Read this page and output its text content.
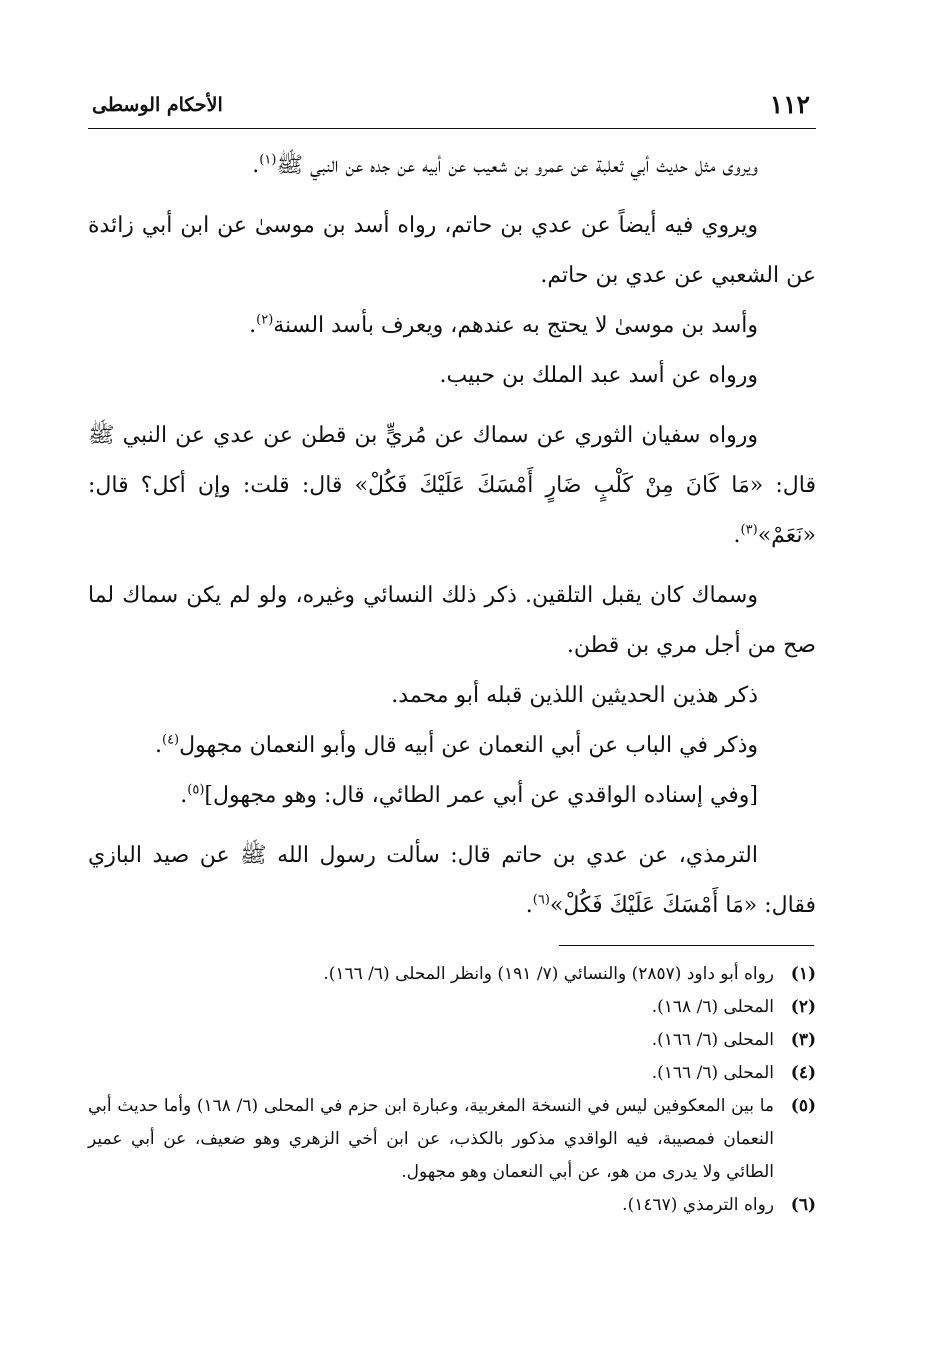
١١٢
الأحكام الوسطى

ويروى مثل حديث أبي ثعلبة عن عمرو بن شعيب عن أبيه عن جده عن النبي ﷺ$^{(١)}$.

ويروي فيه أيضاً عن عدي بن حاتم، رواه أسد بن موسىٰ عن ابن أبي زائدة عن الشعبي عن عدي بن حاتم.

وأسد بن موسىٰ لا يحتج به عندهم، ويعرف بأسد السنة$^{(٢)}$.

ورواه عن أسد عبد الملك بن حبيب.

ورواه سفيان الثوري عن سماك عن مُريٍّ بن قطن عن عدي عن النبي ﷺ قال: «مَا كَانَ مِنْ كَلْبٍ ضَارٍ أَمْسَكَ عَلَيْكَ فَكُلْ» قال: قلت: وإن أكل؟ قال: «نَعَمْ»$^{(٣)}$.

وسماك كان يقبل التلقين. ذكر ذلك النسائي وغيره، ولو لم يكن سماك لما صح من أجل مري بن قطن.

ذكر هذين الحديثين اللذين قبله أبو محمد.

وذكر في الباب عن أبي النعمان عن أبيه قال وأبو النعمان مجهول$^{(٤)}$.

[وفي إسناده الواقدي عن أبي عمر الطائي، قال: وهو مجهول]$^{(٥)}$.

الترمذي، عن عدي بن حاتم قال: سألت رسول الله ﷺ عن صيد البازي فقال: «مَا أَمْسَكَ عَلَيْكَ فَكُلْ»$^{(٦)}$.

(١)
رواه أبو داود (٢٨٥٧) والنسائي (٧/ ١٩١) وانظر المحلى (٦/ ١٦٦).
(٢)
المحلى (٦/ ١٦٨).
(٣)
المحلى (٦/ ١٦٦).
(٤)
المحلى (٦/ ١٦٦).
(٥)
ما بين المعكوفين ليس في النسخة المغربية، وعبارة ابن حزم في المحلى (٦/ ١٦٨) وأما حديث أبي النعمان فمصيبة، فيه الواقدي مذكور بالكذب، عن ابن أخي الزهري وهو ضعيف، عن أبي عمير الطائي ولا يدرى من هو، عن أبي النعمان وهو مجهول.
(٦)
رواه الترمذي (١٤٦٧).
